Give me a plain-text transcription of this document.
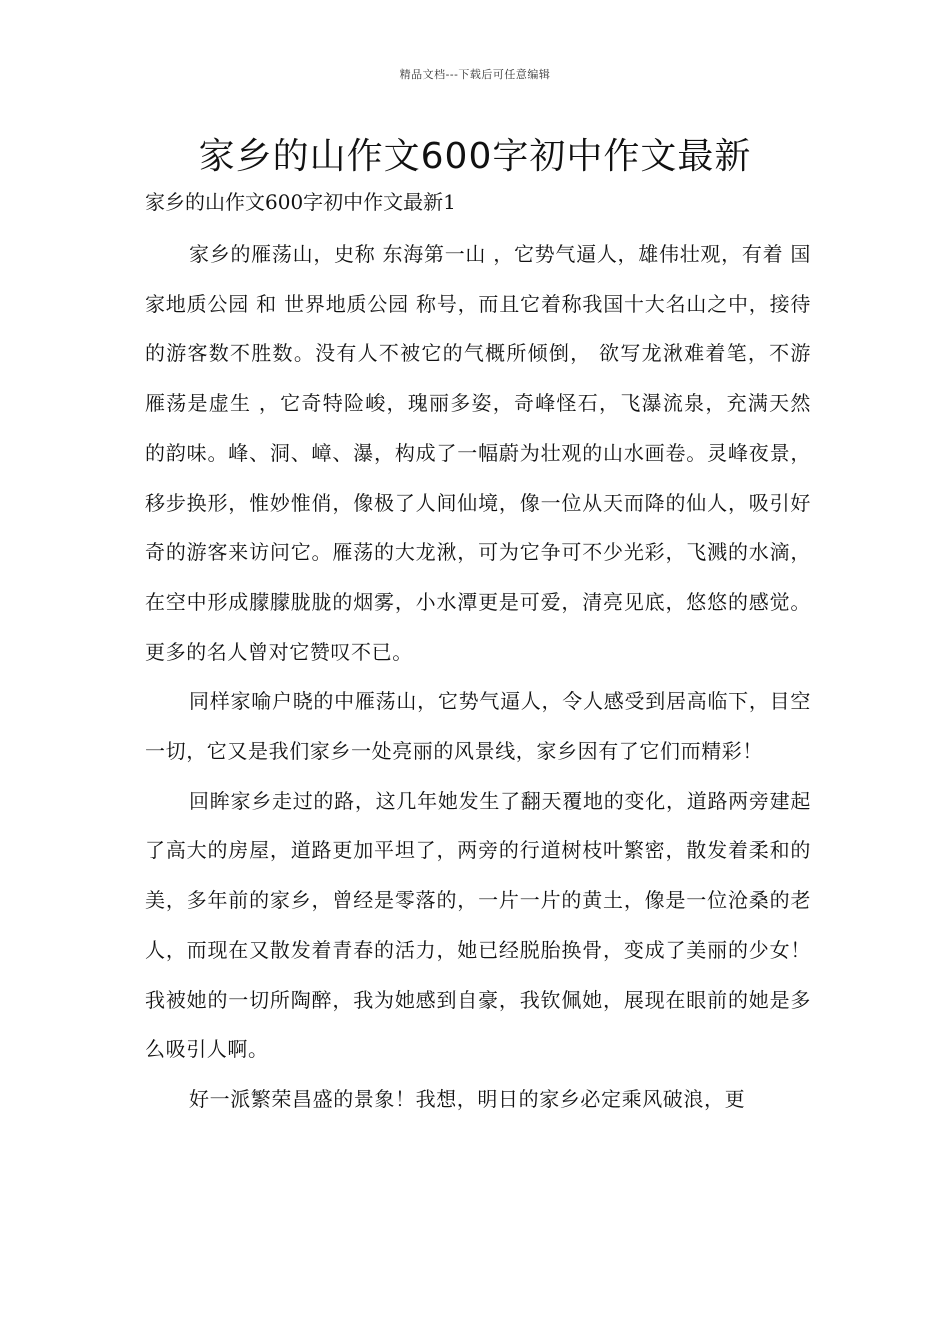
精品文档---下载后可任意编辑
家乡的山作文600字初中作文最新
家乡的山作文600字初中作文最新1

家乡的雁荡山，史称 东海第一山 ，它势气逼人，雄伟壮观，有着 国家地质公园 和 世界地质公园 称号，而且它着称我国十大名山之中，接待的游客数不胜数。没有人不被它的气概所倾倒， 欲写龙湫难着笔，不游雁荡是虚生 ，它奇特险峻，瑰丽多姿，奇峰怪石，飞瀑流泉，充满天然的韵味。峰、洞、嶂、瀑，构成了一幅蔚为壮观的山水画卷。灵峰夜景，移步换形，惟妙惟俏，像极了人间仙境，像一位从天而降的仙人，吸引好奇的游客来访问它。雁荡的大龙湫，可为它争可不少光彩，飞溅的水滴，在空中形成朦朦胧胧的烟雾，小水潭更是可爱，清亮见底，悠悠的感觉。更多的名人曾对它赞叹不已。

同样家喻户晓的中雁荡山，它势气逼人，令人感受到居高临下，目空一切，它又是我们家乡一处亮丽的风景线，家乡因有了它们而精彩！

回眸家乡走过的路，这几年她发生了翻天覆地的变化，道路两旁建起了高大的房屋，道路更加平坦了，两旁的行道树枝叶繁密，散发着柔和的美，多年前的家乡，曾经是零落的，一片一片的黄土，像是一位沧桑的老人，而现在又散发着青春的活力，她已经脱胎换骨，变成了美丽的少女！我被她的一切所陶醉，我为她感到自豪，我钦佩她，展现在眼前的她是多么吸引人啊。

好一派繁荣昌盛的景象！我想，明日的家乡必定乘风破浪，更
